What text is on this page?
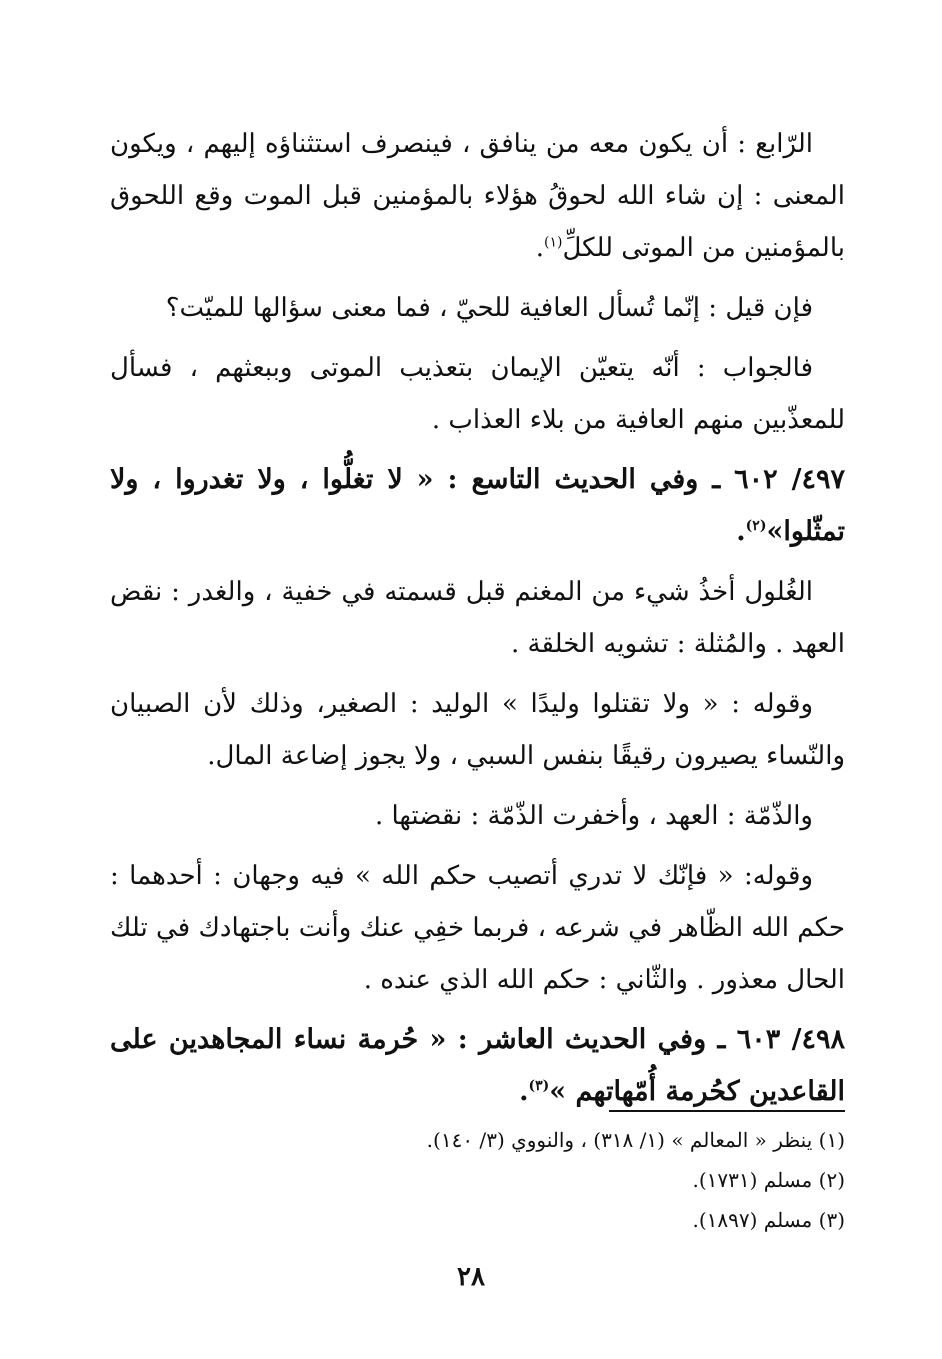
الرّابع : أن يكون معه من ينافق ، فينصرف استثناؤه إليهم ، ويكون المعنى : إن شاء الله لحوقُ هؤلاء بالمؤمنين قبل الموت وقع اللحوق بالمؤمنين من الموتى للكلِّ$^{(١)}$.

فإن قيل : إنّما تُسأل العافية للحيّ ، فما معنى سؤالها للميّت؟

فالجواب : أنّه يتعيّن الإيمان بتعذيب الموتى وببعثهم ، فسأل للمعذّبين منهم العافية من بلاء العذاب .

٤٩٧/ ٦٠٢ ـ وفي الحديث التاسع : « لا تغلُّوا ، ولا تغدروا ، ولا تمثّلوا»$^{(٢)}$.

الغُلول أخذُ شيء من المغنم قبل قسمته في خفية ، والغدر : نقض العهد . والمُثلة : تشويه الخلقة .

وقوله : « ولا تقتلوا وليدًا » الوليد : الصغير، وذلك لأن الصبيان والنّساء يصيرون رقيقًا بنفس السبي ، ولا يجوز إضاعة المال.

والذّمّة : العهد ، وأخفرت الذّمّة : نقضتها .

وقوله: « فإنّك لا تدري أتصيب حكم الله » فيه وجهان : أحدهما : حكم الله الظّاهر في شرعه ، فربما خفِي عنك وأنت باجتهادك في تلك الحال معذور . والثّاني : حكم الله الذي عنده .

٤٩٨/ ٦٠٣ ـ وفي الحديث العاشر : « حُرمة نساء المجاهدين على القاعدين كحُرمة أُمّهاتهم »$^{(٣)}$.

(١) ينظر « المعالم » (١/ ٣١٨) ، والنووي (٣/ ١٤٠).

(٢) مسلم (١٧٣١).

(٣) مسلم (١٨٩٧).

٢٨
